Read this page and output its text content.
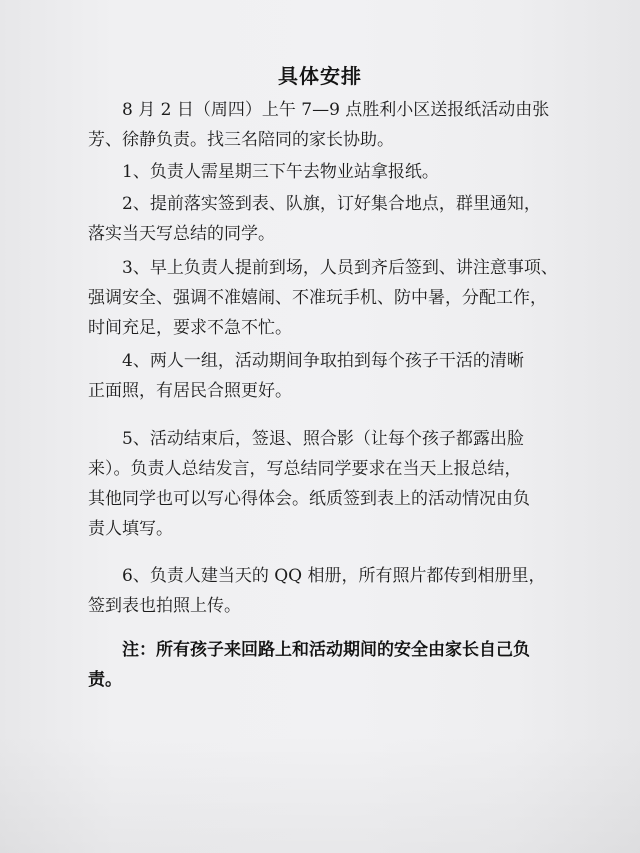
具体安排

8 月 2 日（周四）上午 7—9 点胜利小区送报纸活动由张
芳、徐静负责。找三名陪同的家长协助。

1、负责人需星期三下午去物业站拿报纸。

2、提前落实签到表、队旗，订好集合地点，群里通知，
落实当天写总结的同学。

3、早上负责人提前到场，人员到齐后签到、讲注意事项、
强调安全、强调不准嬉闹、不准玩手机、防中暑，分配工作，
时间充足，要求不急不忙。

4、两人一组，活动期间争取拍到每个孩子干活的清晰
正面照，有居民合照更好。

5、活动结束后，签退、照合影（让每个孩子都露出脸
来）。负责人总结发言，写总结同学要求在当天上报总结，
其他同学也可以写心得体会。纸质签到表上的活动情况由负
责人填写。

6、负责人建当天的 QQ 相册，所有照片都传到相册里，
签到表也拍照上传。

注：所有孩子来回路上和活动期间的安全由家长自己负
责。
